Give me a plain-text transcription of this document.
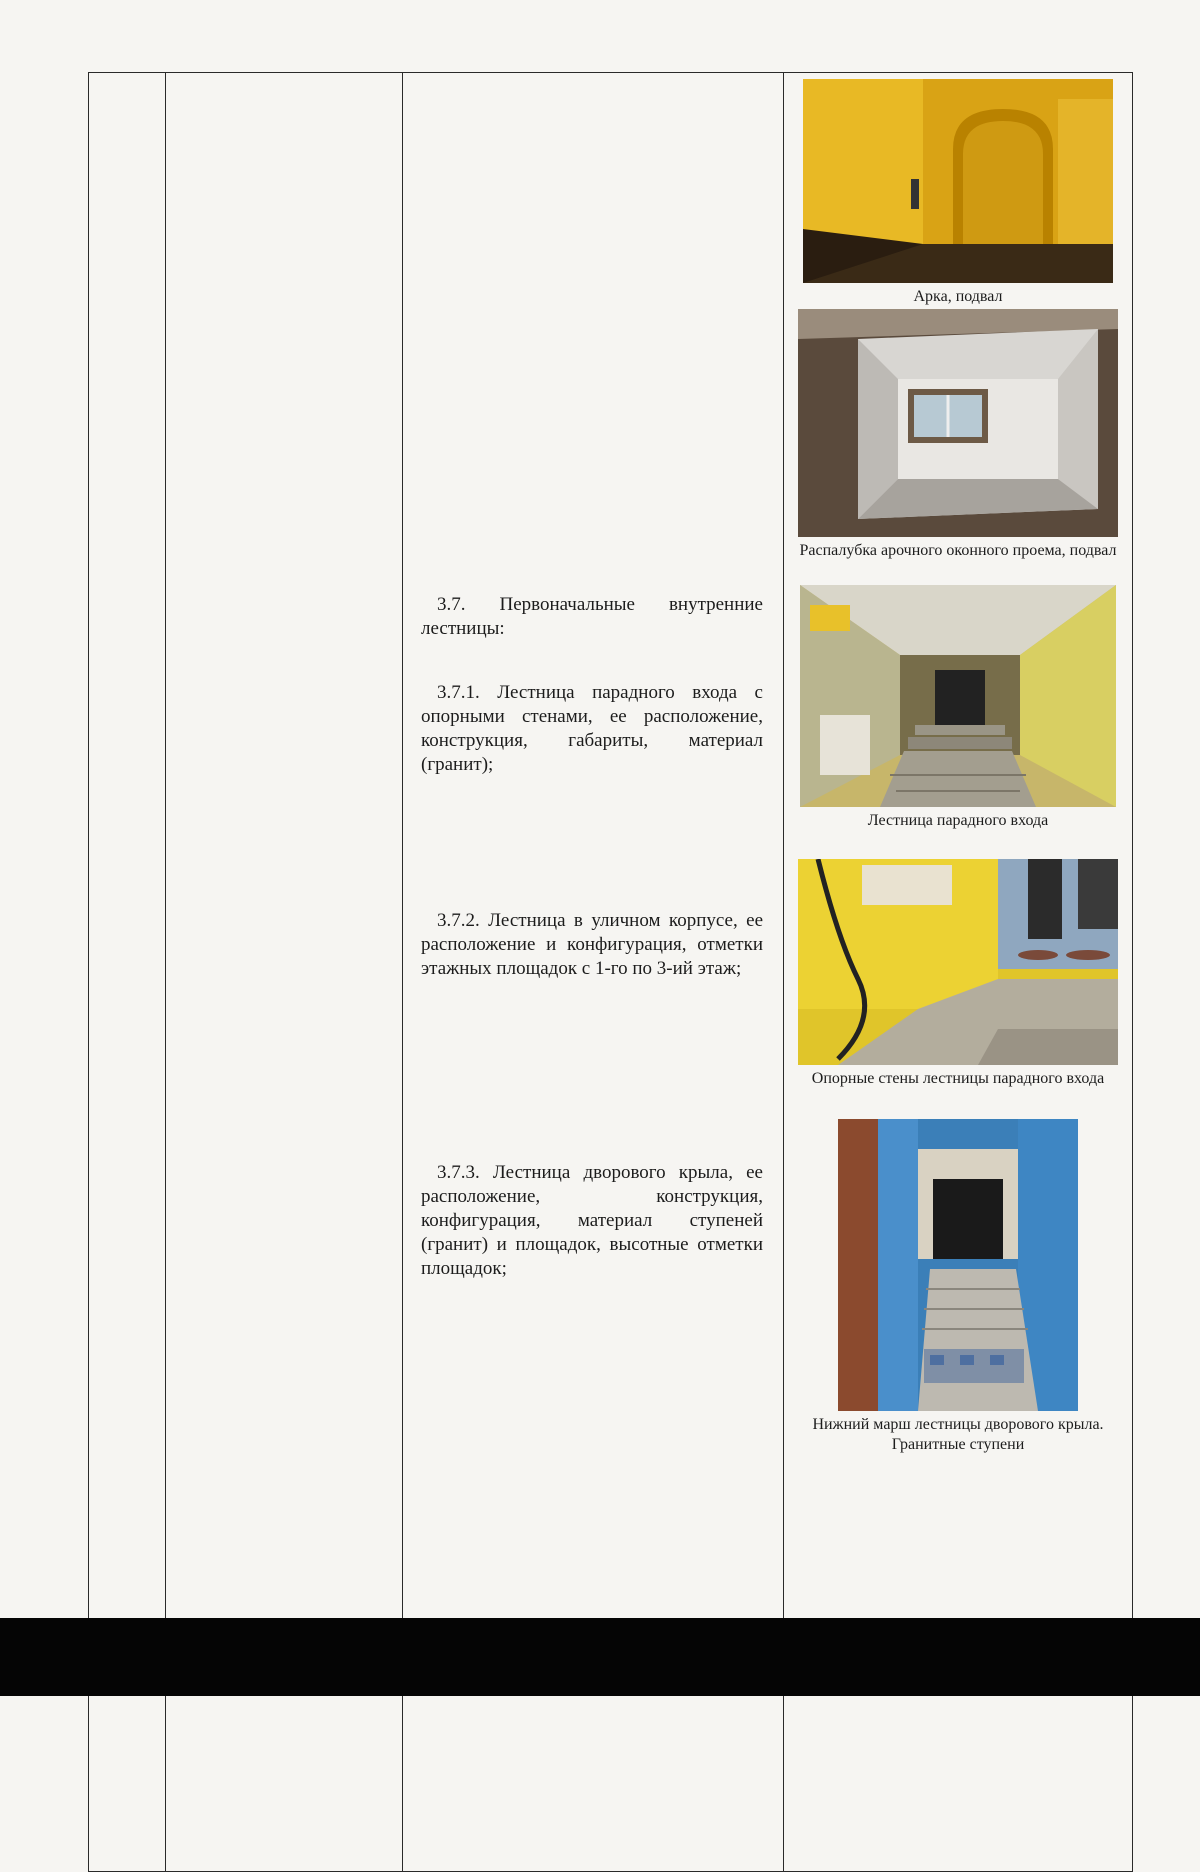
3.7. Первоначальные внутренние лестницы:

3.7.1. Лестница парадного входа с опорными стенами, ее расположение, конструкция, габариты, материал (гранит);

3.7.2. Лестница в уличном корпусе, ее расположение и конфигурация, отметки этажных площадок с 1-го по 3-ий этаж;

3.7.3. Лестница дворового крыла, ее расположение, конструкция, конфигурация, материал ступеней (гранит) и площадок, высотные отметки площадок;

Арка, подвал
Распалубка арочного оконного проема, подвал
Лестница парадного входа
Опорные стены лестницы парадного входа
Нижний марш лестницы дворового крыла. Гранитные ступени
